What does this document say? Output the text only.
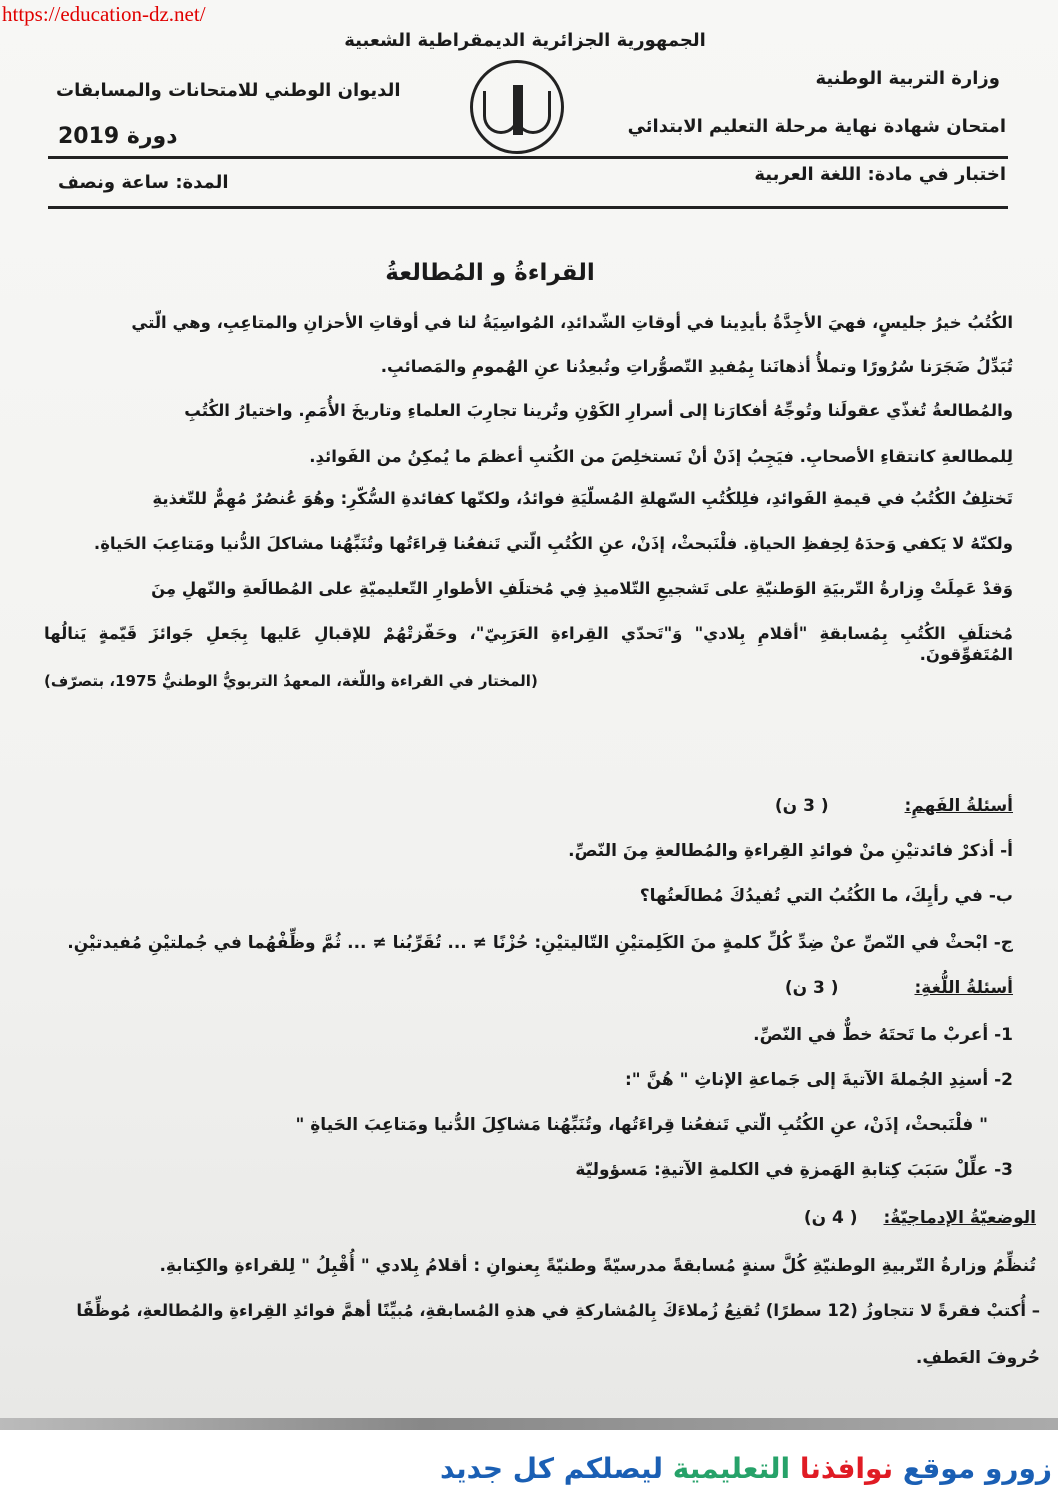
https://education-dz.net/
الجمهورية الجزائرية الديمقراطية الشعبية
وزارة التربية الوطنية
الديوان الوطني للامتحانات والمسابقات
امتحان شهادة نهاية مرحلة التعليم الابتدائي
دورة 2019
اختبار في مادة: اللغة العربية
المدة: ساعة ونصف
القراءةُ و المُطالعةُ
الكُتُبُ خيرُ جليسٍ، فهيَ الأجِدَّةُ بأيدِينا في أوقاتِ الشّدائدِ، المُواسِيَةُ لنا في أوقاتِ الأحزانِ والمتاعِبِ، وهي الّتي
تُبَدِّلُ ضَجَرَنا سُرُورًا وتملأُ أذهانَنا بِمُفيدِ التّصوُّراتِ وتُبعِدُنا عنِ الهُمومِ والمَصائبِ.
والمُطالعةُ تُغذّي عقولَنا وتُوجِّهُ أفكارَنا إلى أسرارِ الكَوْنِ وتُرينا تجارِبَ العلماءِ وتاريخَ الأُمَمِ. واختيارُ الكُتُبِ
لِلمطالعةِ كانتقاءِ الأصحابِ. فيَجِبُ إذَنْ أنْ نَستخلِصَ من الكُتبِ أعظمَ ما يُمكِنُ من الفَوائدِ.
تَختلِفُ الكُتُبُ في قيمةِ الفَوائدِ، فلِلكُتُبِ السّهلةِ المُسلّيَةِ فوائدُ، ولكنّها كفائدةِ السُّكّرِ: وهُوَ عُنصُرٌ مُهِمٌّ للتّغذيةِ
ولكنّهُ لا يَكفي وَحدَهُ لِحِفظِ الحياةِ. فلْنَبحثْ، إذَنْ، عنِ الكُتُبِ الّتي تَنفعُنا قِراءَتُها وتُنَبِّهُنا مشاكلَ الدُّنيا ومَتاعِبَ الحَياةِ.
وَقدْ عَمِلَتْ وِزارةُ التّربيَةِ الوَطنيّةِ على تَشجيعِ التّلاميذِ فِي مُختلَفِ الأطوارِ التّعليميّةِ على المُطالَعةِ والنّهلِ مِنَ
مُختلَفِ الكُتُبِ بِمُسابقةِ "أقلامِ بِلادي" وَ"تَحدّي القِراءةِ العَرَبِيّ"، وحَفّزتْهُمْ للإقبالِ عَليها بِجَعلِ جَوائزَ قَيّمةٍ يَنالُها المُتَفوِّقونَ.
(المختار في القراءة واللّغة، المعهدُ التربويُّ الوطنيُّ 1975، بتصرّف)
أسئلةُ الفَهمِ: ( 3 ن)
أ- أذكرْ فائدتيْنِ منْ فوائدِ القِراءةِ والمُطالعةِ مِنَ النّصِّ.
ب- في رأيِكَ، ما الكُتُبُ التي تُفيدُكَ مُطالَعتُها؟
ج- ابْحثْ في النّصِّ عنْ ضِدِّ كُلِّ كلمةٍ منَ الكَلِمتيْنِ التّاليتيْنِ: حُزْنًا ≠ ... تُقَرِّبُنا ≠ ... ثُمَّ وظِّفْهُما في جُملتيْنِ مُفيدتيْنِ.
أسئلةُ اللُّغةِ: ( 3 ن)
1- أعربْ ما تَحتَهُ خطٌّ في النّصِّ.
2- أسنِدِ الجُملةَ الآتيةَ إلى جَماعةِ الإناثِ " هُنَّ ":
" فلْنَبحثْ، إذَنْ، عنِ الكُتُبِ الّتي تَنفعُنا قِراءَتُها، وتُنَبِّهُنا مَشاكِلَ الدُّنيا ومَتاعِبَ الحَياةِ "
3- علِّلْ سَبَبَ كِتابةِ الهَمزةِ في الكلمةِ الآتيةِ: مَسؤوليّة
الوضعيّةُ الإدماجيّةُ: ( 4 ن)
تُنظِّمُ وزارةُ التّربيةِ الوطنيّةِ كُلَّ سنةٍ مُسابقةً مدرسيّةً وطنيّةً بِعنوانِ : أقلامُ بِلادي " أُقْبِلُ " لِلقراءةِ والكِتابةِ.
– أُكتبْ فقرةً لا تتجاوزُ (12 سطرًا) تُقنِعُ زُملاءَكَ بِالمُشاركةِ في هذهِ المُسابقةِ، مُبيِّنًا أهمَّ فوائدِ القِراءةِ والمُطالعةِ، مُوظِّفًا
حُروفَ العَطفِ.
زورو موقع نوافذنا التعليمية ليصلكم كل جديد
